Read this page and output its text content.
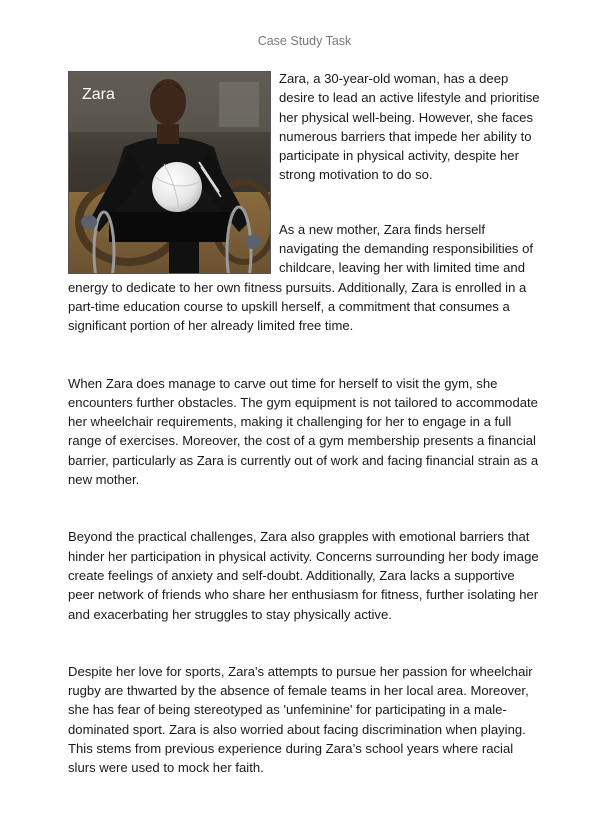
Case Study Task
Zara

Zara, a 30-year-old woman, has a deep desire to lead an active lifestyle and prioritise her physical well-being. However, she faces numerous barriers that impede her ability to participate in physical activity, despite her strong motivation to do so.

As a new mother, Zara finds herself navigating the demanding responsibilities of childcare, leaving her with limited time and energy to dedicate to her own fitness pursuits. Additionally, Zara is enrolled in a part-time education course to upskill herself, a commitment that consumes a significant portion of her already limited free time.

When Zara does manage to carve out time for herself to visit the gym, she encounters further obstacles. The gym equipment is not tailored to accommodate her wheelchair requirements, making it challenging for her to engage in a full range of exercises. Moreover, the cost of a gym membership presents a financial barrier, particularly as Zara is currently out of work and facing financial strain as a new mother.

Beyond the practical challenges, Zara also grapples with emotional barriers that hinder her participation in physical activity. Concerns surrounding her body image create feelings of anxiety and self-doubt. Additionally, Zara lacks a supportive peer network of friends who share her enthusiasm for fitness, further isolating her and exacerbating her struggles to stay physically active.

Despite her love for sports, Zara's attempts to pursue her passion for wheelchair rugby are thwarted by the absence of female teams in her local area. Moreover, she has fear of being stereotyped as 'unfeminine' for participating in a male-dominated sport. Zara is also worried about facing discrimination when playing. This stems from previous experience during Zara’s school years where racial slurs were used to mock her faith.
